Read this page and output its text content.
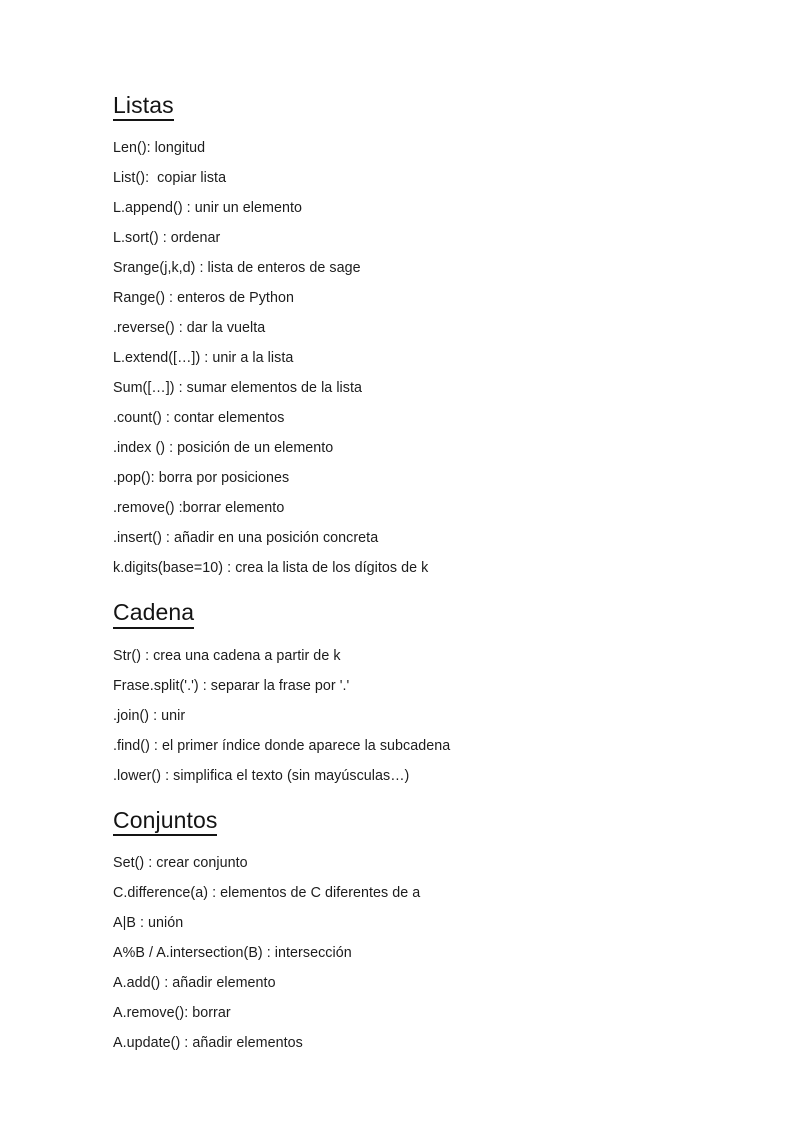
Listas
Len(): longitud
List():  copiar lista
L.append() : unir un elemento
L.sort() : ordenar
Srange(j,k,d) : lista de enteros de sage
Range() : enteros de Python
.reverse() : dar la vuelta
L.extend([…]) : unir a la lista
Sum([…]) : sumar elementos de la lista
.count() : contar elementos
.index () : posición de un elemento
.pop(): borra por posiciones
.remove() :borrar elemento
.insert() : añadir en una posición concreta
k.digits(base=10) : crea la lista de los dígitos de k
Cadena
Str() : crea una cadena a partir de k
Frase.split('.') : separar la frase por '.'
.join() : unir
.find() : el primer índice donde aparece la subcadena
.lower() : simplifica el texto (sin mayúsculas…)
Conjuntos
Set() : crear conjunto
C.difference(a) : elementos de C diferentes de a
A|B : unión
A%B / A.intersection(B) : intersección
A.add() : añadir elemento
A.remove(): borrar
A.update() : añadir elementos
